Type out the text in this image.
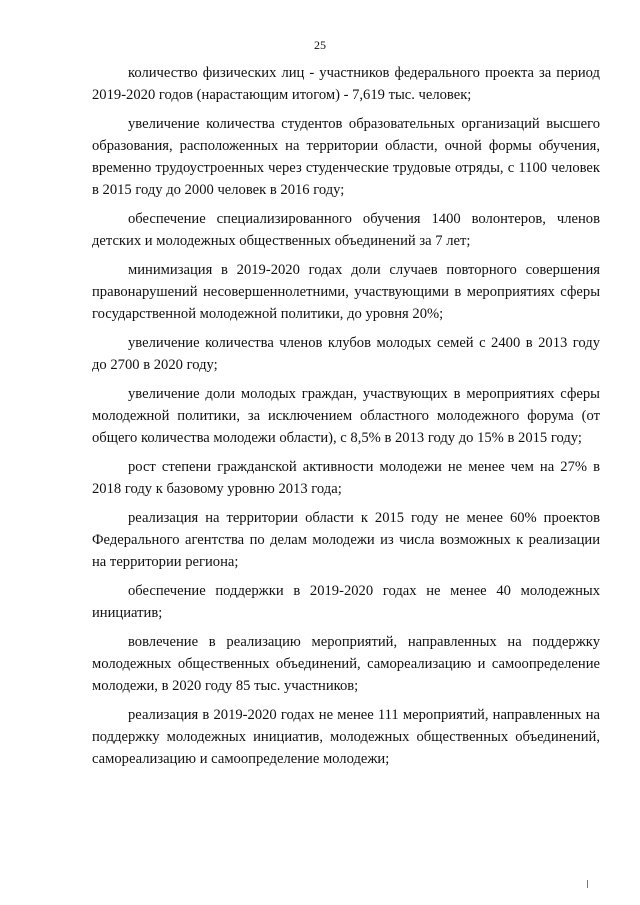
25

количество физических лиц - участников федерального проекта за период 2019-2020 годов (нарастающим итогом) - 7,619 тыс. человек;

увеличение количества студентов образовательных организаций высшего образования, расположенных на территории области, очной формы обучения, временно трудоустроенных через студенческие трудовые отряды, с 1100 человек в 2015 году до 2000 человек в 2016 году;

обеспечение специализированного обучения 1400 волонтеров, членов детских и молодежных общественных объединений за 7 лет;

минимизация в 2019-2020 годах доли случаев повторного совершения правонарушений несовершеннолетними, участвующими в мероприятиях сферы государственной молодежной политики, до уровня 20%;

увеличение количества членов клубов молодых семей с 2400 в 2013 году до 2700 в 2020 году;

увеличение доли молодых граждан, участвующих в мероприятиях сферы молодежной политики, за исключением областного молодежного форума (от общего количества молодежи области), с 8,5% в 2013 году до 15% в 2015 году;

рост степени гражданской активности молодежи не менее чем на 27% в 2018 году к базовому уровню 2013 года;

реализация на территории области к 2015 году не менее 60% проектов Федерального агентства по делам молодежи из числа возможных к реализации на территории региона;

обеспечение поддержки в 2019-2020 годах не менее 40 молодежных инициатив;

вовлечение в реализацию мероприятий, направленных на поддержку молодежных общественных объединений, самореализацию и самоопределение молодежи, в 2020 году 85 тыс. участников;

реализация в 2019-2020 годах не менее 111 мероприятий, направленных на поддержку молодежных инициатив, молодежных общественных объединений, самореализацию и самоопределение молодежи;
